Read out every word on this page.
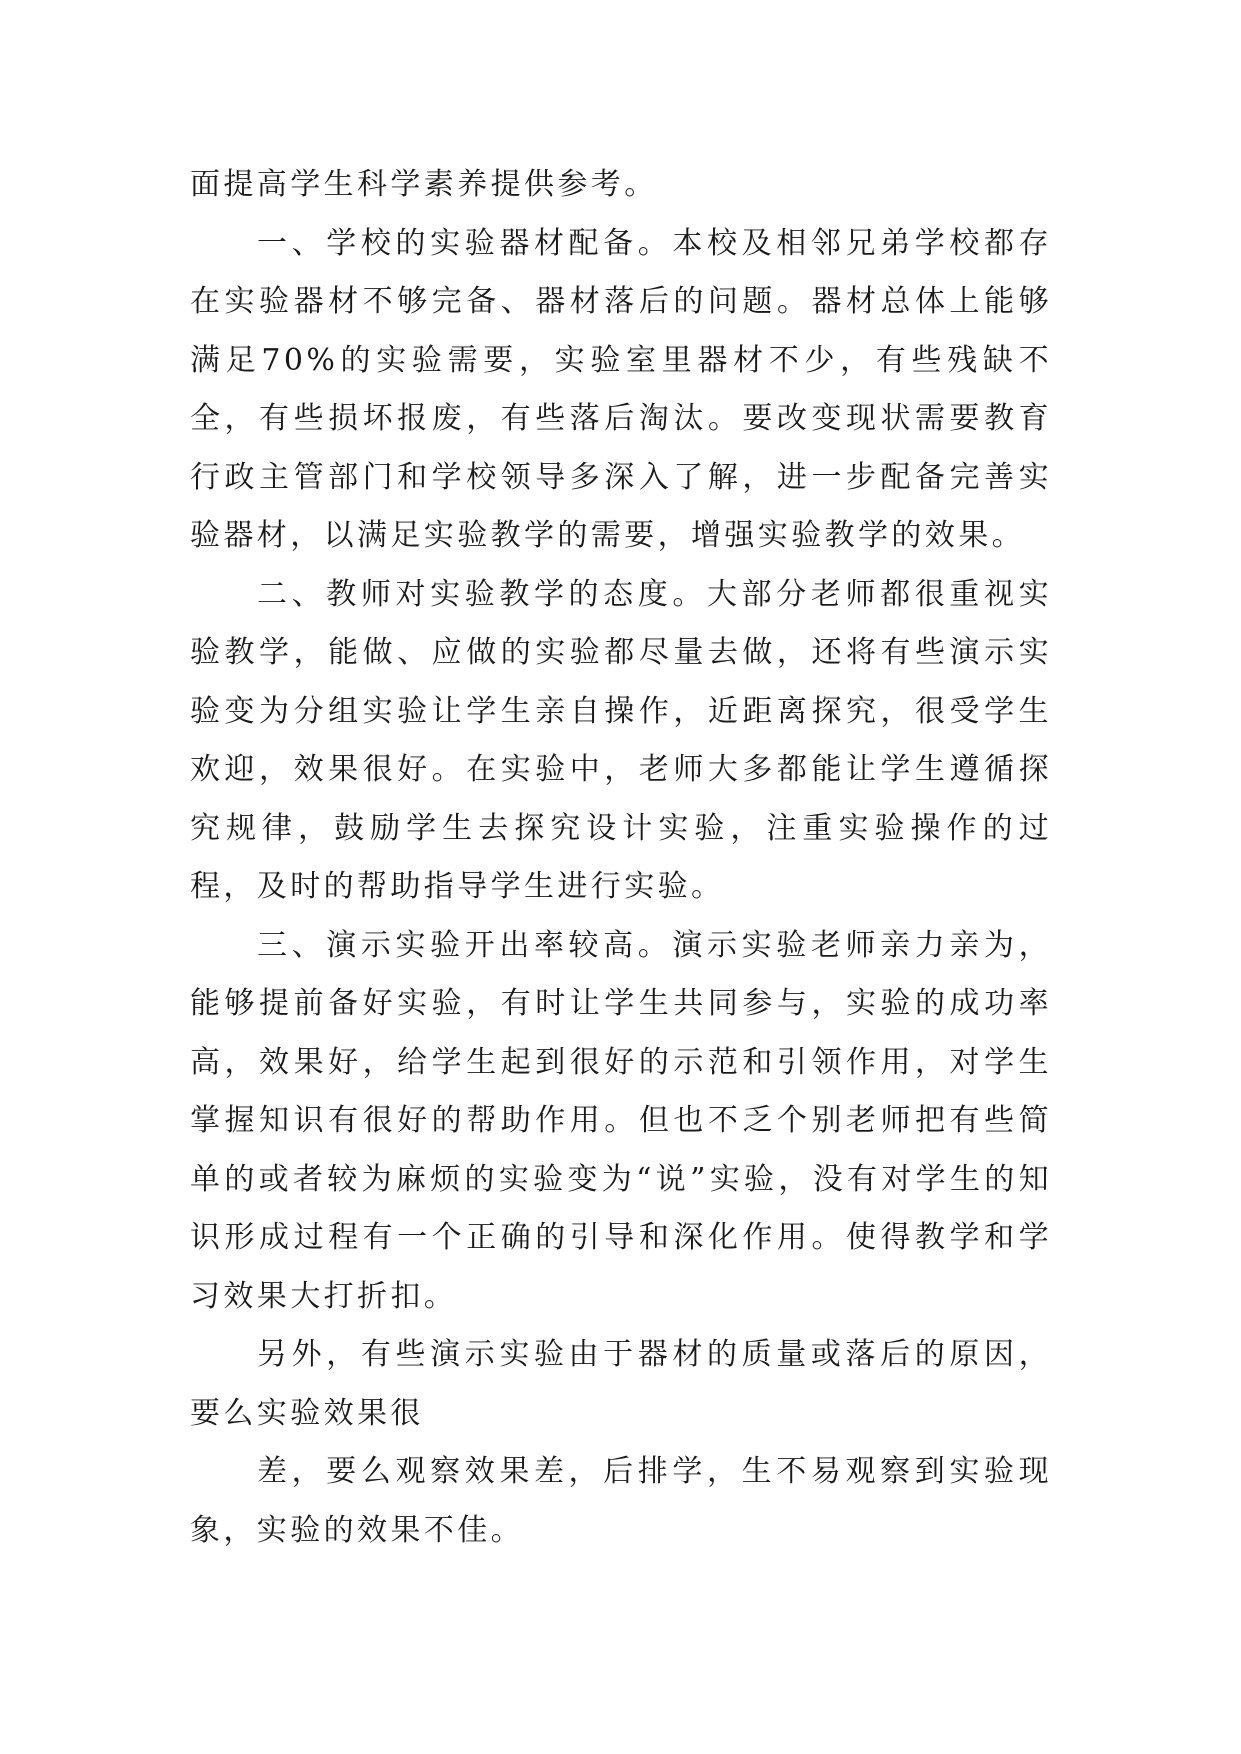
面提高学生科学素养提供参考。

一、学校的实验器材配备。本校及相邻兄弟学校都存在实验器材不够完备、器材落后的问题。器材总体上能够满足70%的实验需要，实验室里器材不少，有些残缺不全，有些损坏报废，有些落后淘汰。要改变现状需要教育行政主管部门和学校领导多深入了解，进一步配备完善实验器材，以满足实验教学的需要，增强实验教学的效果。

二、教师对实验教学的态度。大部分老师都很重视实验教学，能做、应做的实验都尽量去做，还将有些演示实验变为分组实验让学生亲自操作，近距离探究，很受学生欢迎，效果很好。在实验中，老师大多都能让学生遵循探究规律，鼓励学生去探究设计实验，注重实验操作的过程，及时的帮助指导学生进行实验。

三、演示实验开出率较高。演示实验老师亲力亲为，能够提前备好实验，有时让学生共同参与，实验的成功率高，效果好，给学生起到很好的示范和引领作用，对学生掌握知识有很好的帮助作用。但也不乏个别老师把有些简单的或者较为麻烦的实验变为“说”实验，没有对学生的知识形成过程有一个正确的引导和深化作用。使得教学和学习效果大打折扣。

另外，有些演示实验由于器材的质量或落后的原因，要么实验效果很

差，要么观察效果差，后排学，生不易观察到实验现象，实验的效果不佳。
